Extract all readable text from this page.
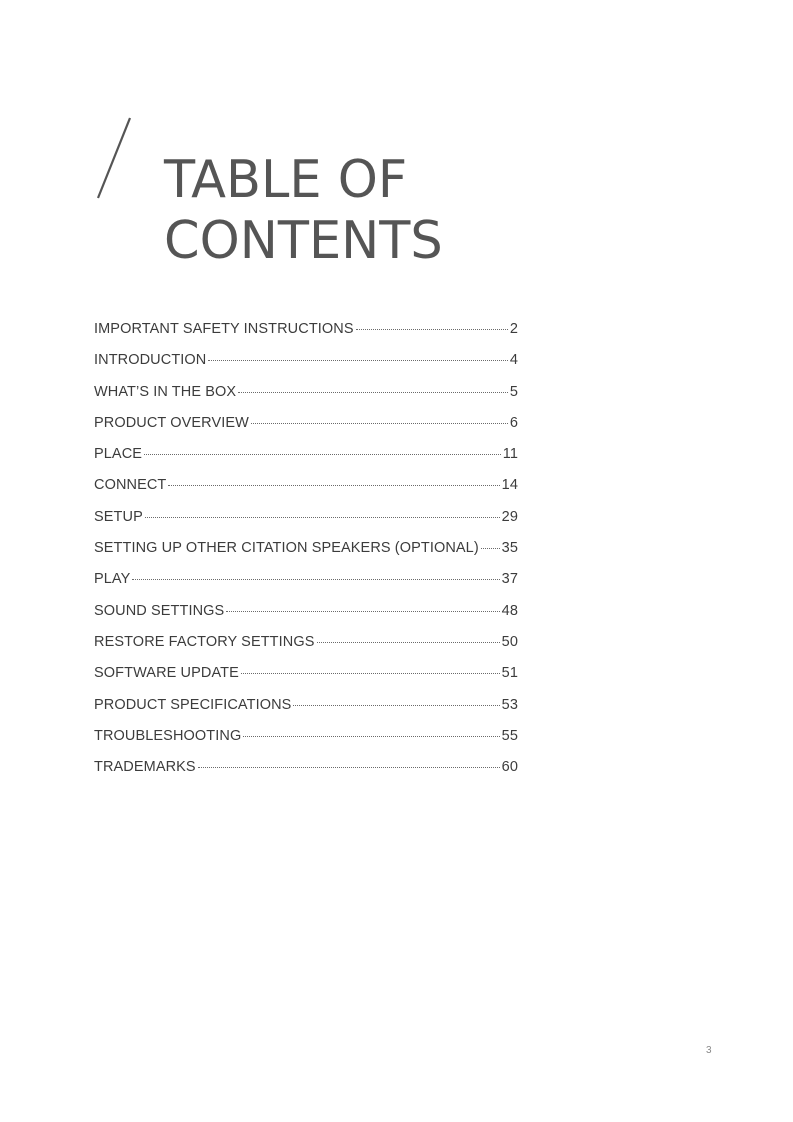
TABLE OF
CONTENTS
IMPORTANT SAFETY INSTRUCTIONS	2
INTRODUCTION	4
WHAT’S IN THE BOX	5
PRODUCT OVERVIEW	6
PLACE	11
CONNECT	14
SETUP	29
SETTING UP OTHER CITATION SPEAKERS (OPTIONAL) 35
PLAY	37
SOUND SETTINGS	48
RESTORE FACTORY SETTINGS	50
SOFTWARE UPDATE	51
PRODUCT SPECIFICATIONS	53
TROUBLESHOOTING	55
TRADEMARKS	60
3
